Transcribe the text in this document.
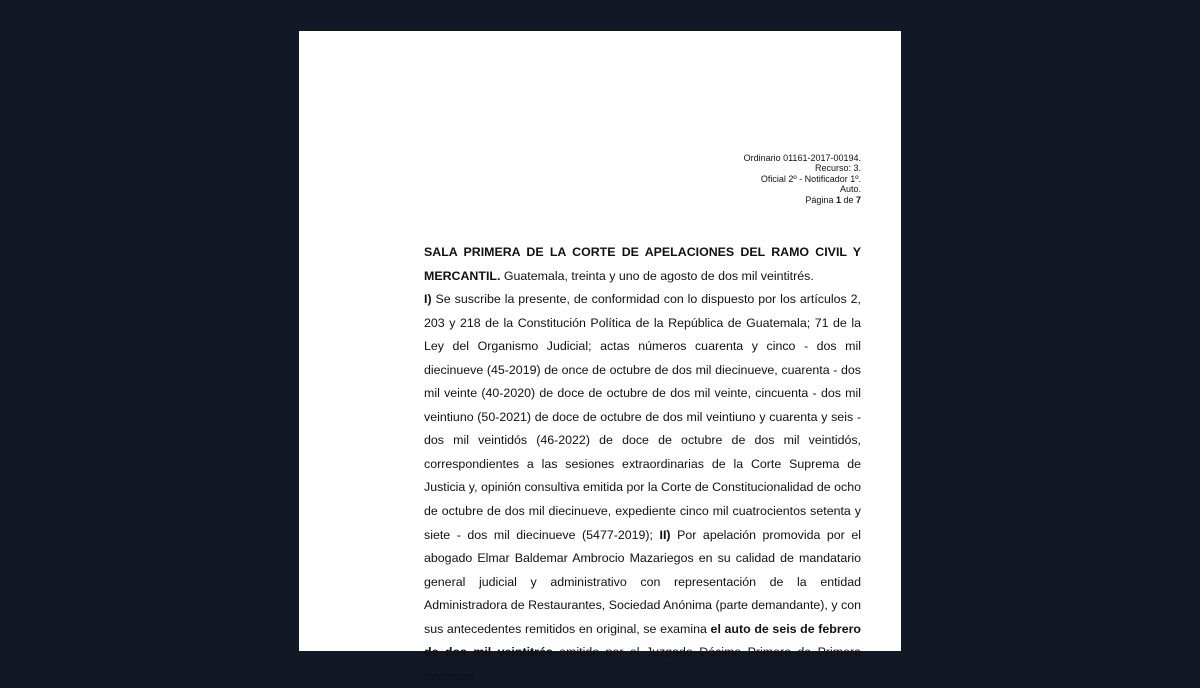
Ordinario 01161-2017-00194.
Recurso: 3.
Oficial 2º - Notificador 1º.
Auto.
Página 1 de 7

SALA PRIMERA DE LA CORTE DE APELACIONES DEL RAMO CIVIL Y MERCANTIL. Guatemala, treinta y uno de agosto de dos mil veintitrés.

I) Se suscribe la presente, de conformidad con lo dispuesto por los artículos 2, 203 y 218 de la Constitución Política de la República de Guatemala; 71 de la Ley del Organismo Judicial; actas números cuarenta y cinco - dos mil diecinueve (45-2019) de once de octubre de dos mil diecinueve, cuarenta - dos mil veinte (40-2020) de doce de octubre de dos mil veinte, cincuenta - dos mil veintiuno (50-2021) de doce de octubre de dos mil veintiuno y cuarenta y seis - dos mil veintidós (46-2022) de doce de octubre de dos mil veintidós, correspondientes a las sesiones extraordinarias de la Corte Suprema de Justicia y, opinión consultiva emitida por la Corte de Constitucionalidad de ocho de octubre de dos mil diecinueve, expediente cinco mil cuatrocientos setenta y siete - dos mil diecinueve (5477-2019); II) Por apelación promovida por el abogado Elmar Baldemar Ambrocio Mazariegos en su calidad de mandatario general judicial y administrativo con representación de la entidad Administradora de Restaurantes, Sociedad Anónima (parte demandante), y con sus antecedentes remitidos en original, se examina el auto de seis de febrero de dos mil veintitrés emitido por el Juzgado Décimo Primero de Primera Instancia
